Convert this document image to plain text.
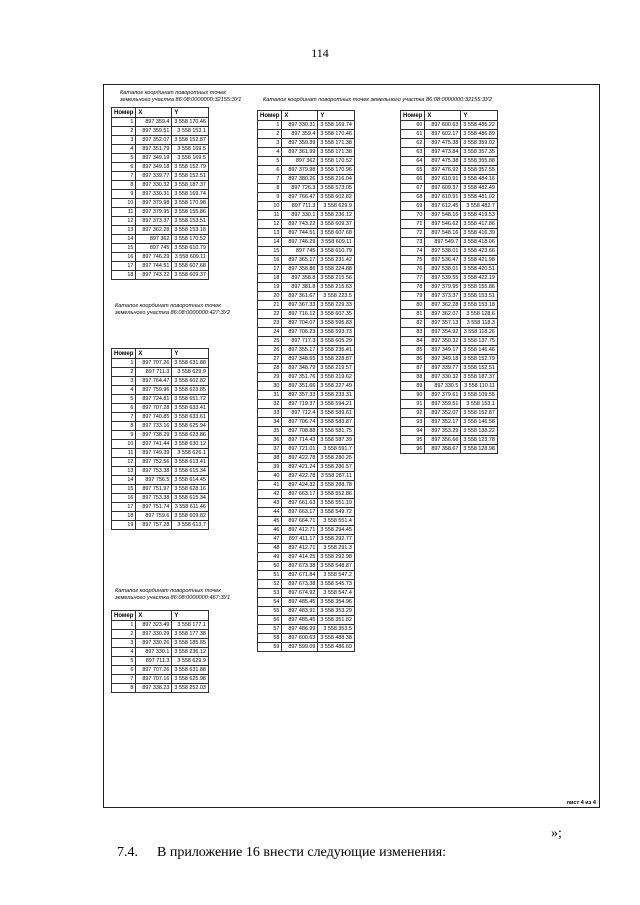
114
Каталог координат поворотных точек земельного участка 86:08:0000000:32155:ЗУ1
Номер	X	Y
1	897 359.4	3 558 170.46
2	897 359.51	3 558 153.1
3	897 352.07	3 558 152.87
4	897 351.79	3 558 169.5
5	897 349.19	3 558 169.5
6	897 349.18	3 558 152.79
7	897 339.77	3 558 152.51
8	897 330.32	3 558 187.37
9	897 330.31	3 558 169.74
10	897 379.98	3 558 170.98
11	897 379.95	3 558 155.86
12	897 373.37	3 558 153.51
13	897 362.28	3 558 153.18
14	897 362	3 558 170.52
15	897 745	3 558 610.79
16	897 746.29	3 558 609.11
17	897 744.51	3 558 607.68
18	897 743.22	3 558 609.37
Каталог координат поворотных точек земельного участка 86:08:0000000:427:ЗУ2
Номер	X	Y
1	897 707.26	3 558 631.88
2	897 711.3	3 558 629.9
3	897 764.47	3 558 602.82
4	897 759.96	3 558 623.85
5	897 724.81	3 558 651.72
6	897 707.28	3 558 633.41
7	897 740.85	3 558 633.61
8	897 733.16	3 558 625.94
9	897 738.29	3 558 623.86
10	897 741.44	3 558 630.12
11	897 749.39	3 558 626.1
12	897 752.56	3 558 613.41
13	897 753.38	3 558 615.34
14	897 756.5	3 558 614.45
15	897 751.97	3 558 628.16
16	897 753.38	3 558 615.34
17	897 751.74	3 558 611.46
18	897 759.6	3 558 609.82
19	897 757.28	3 558 613.7
Каталог координат поворотных точек земельного участка 86:08:0000000:467:ЗУ1
Номер	X	Y
1	897 323.49	3 558 177.1
2	897 330.29	3 558 177.38
3	897 330.26	3 558 185.85
4	897 330.1	3 558 236.12
5	897 711.3	3 558 629.9
6	897 707.26	3 558 631.88
7	897 707.16	3 558 625.98
8	897 338.23	3 558 252.03
Каталог координат поворотных точек земельного участка 86:08:0000000:32155:ЗУ2
Номер	X	Y
1	897 330.31	3 558 169.74
2	897 359.4	3 558 170.46
3	897 359.39	3 558 171.38
4	897 361.99	3 558 171.38
5	897 362	3 558 170.52
6	897 379.98	3 558 170.96
7	897 380.26	3 558 216.04
8	897 726.3	3 558 573.05
9	897 766.47	3 558 602.82
10	897 711.3	3 558 629.9
11	897 330.1	3 558 236.12
12	897 743.22	3 558 609.37
13	897 744.51	3 558 607.68
14	897 746.29	3 558 609.11
15	897 745	3 558 610.79
16	897 365.17	3 558 231.42
17	897 358.86	3 558 224.88
18	897 358.8	3 558 215.56
19	897 381.8	3 558 215.63
20	897 361.67	3 558 223.5
21	897 367.33	3 558 229.33
22	897 716.12	3 558 607.35
23	897 704.07	3 558 595.83
24	897 706.23	3 558 593.73
25	897 717.3	3 558 605.29
26	897 355.17	3 558 235.41
27	897 348.65	3 558 228.87
28	897 348.79	3 558 219.57
29	897 351.76	3 558 219.62
30	897 351.66	3 558 227.49
31	897 357.33	3 558 233.31
32	897 719.37	3 558 594.21
33	897 712.4	3 558 589.61
34	897 706.74	3 558 583.87
35	897 708.88	3 558 581.75
36	897 714.43	3 558 587.39
37	897 721.01	3 558 591.7
38	897 422.78	3 558 280.25
39	897 421.24	3 558 286.57
40	897 422.78	3 558 287.11
41	897 424.32	3 558 288.78
42	897 663.17	3 558 552.86
43	897 661.63	3 558 551.19
44	897 663.17	3 558 549.72
45	897 664.71	3 558 551.4
46	897 412.71	3 558 294.45
47	897 411.17	3 558 292.77
48	897 412.71	3 558 291.3
49	897 414.25	3 558 292.98
50	897 673.38	3 558 548.87
51	897 671.84	3 558 547.2
52	897 673.38	3 558 545.73
53	897 674.92	3 558 547.4
54	897 485.45	3 558 354.96
55	897 483.91	3 558 353.29
56	897 485.45	3 558 351.82
57	897 486.99	3 558 353.5
58	897 600.63	3 558 488.38
59	897 599.09	3 558 486.69
Номер	X	Y
60	897 600.63	3 558 485.22
61	897 602.17	3 558 486.89
62	897 475.38	3 558 359.02
63	897 473.84	3 558 357.35
64	897 475.38	3 558 355.88
65	897 476.92	3 558 357.55
66	897 610.91	3 558 484.16
67	897 609.37	3 558 482.49
68	897 610.91	3 558 481.02
69	897 612.45	3 558 482.7
70	897 548.16	3 558 419.53
71	897 546.62	3 558 417.86
72	897 548.16	3 558 416.39
73	897 549.7	3 558 418.06
74	897 538.01	3 558 423.66
75	897 536.47	3 558 421.98
76	897 538.01	3 558 420.51
77	897 539.55	3 558 422.19
78	897 379.95	3 558 155.86
79	897 373.37	3 558 153.51
80	897 362.28	3 558 153.18
81	897 362.07	3 558 128.6
82	897 357.13	3 558 118.3
83	897 354.92	3 558 118.26
84	897 350.32	3 558 137.75
85	897 349.17	3 558 146.46
86	897 349.18	3 558 152.79
87	897 339.77	3 558 152.51
88	897 330.32	3 558 187.37
89	897 330.5	3 558 110.11
90	897 379.61	3 558 109.55
91	897 359.51	3 558 153.1
92	897 352.07	3 558 152.87
93	897 352.17	3 558 146.58
94	897 353.29	3 558 138.22
95	897 356.66	3 558 123.78
96	897 358.67	3 558 128.98
лист 4 из 4
»;
7.4. В приложение 16 внести следующие изменения:
